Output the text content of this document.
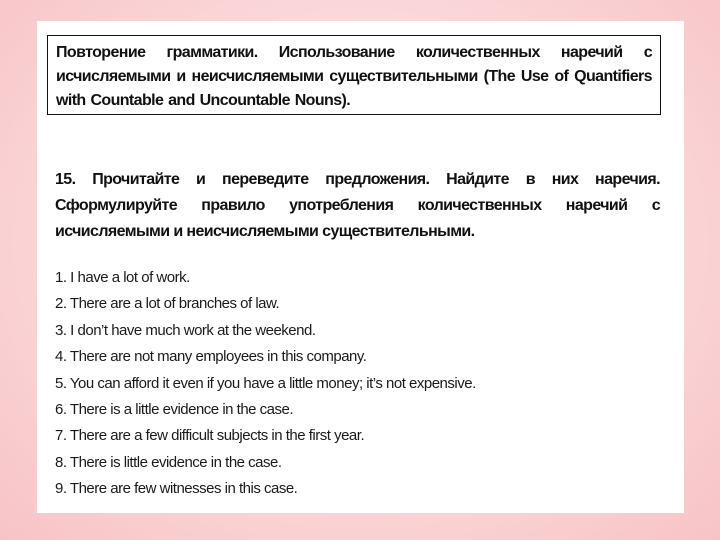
Повторение грамматики. Использование количественных наречий с исчисляемыми и неисчисляемыми существительными (The Use of Quantifiers with Countable and Uncountable Nouns).
15. Прочитайте и переведите предложения. Найдите в них наречия. Сформулируйте правило употребления количественных наречий с исчисляемыми и неисчисляемыми существительными.
1. I have a lot of work.
2. There are a lot of branches of law.
3. I don’t have much work at the weekend.
4. There are not many employees in this company.
5. You can afford it even if you have a little money; it’s not expensive.
6. There is a little evidence in the case.
7. There are a few difficult subjects in the first year.
8. There is little evidence in the case.
9. There are few witnesses in this case.
